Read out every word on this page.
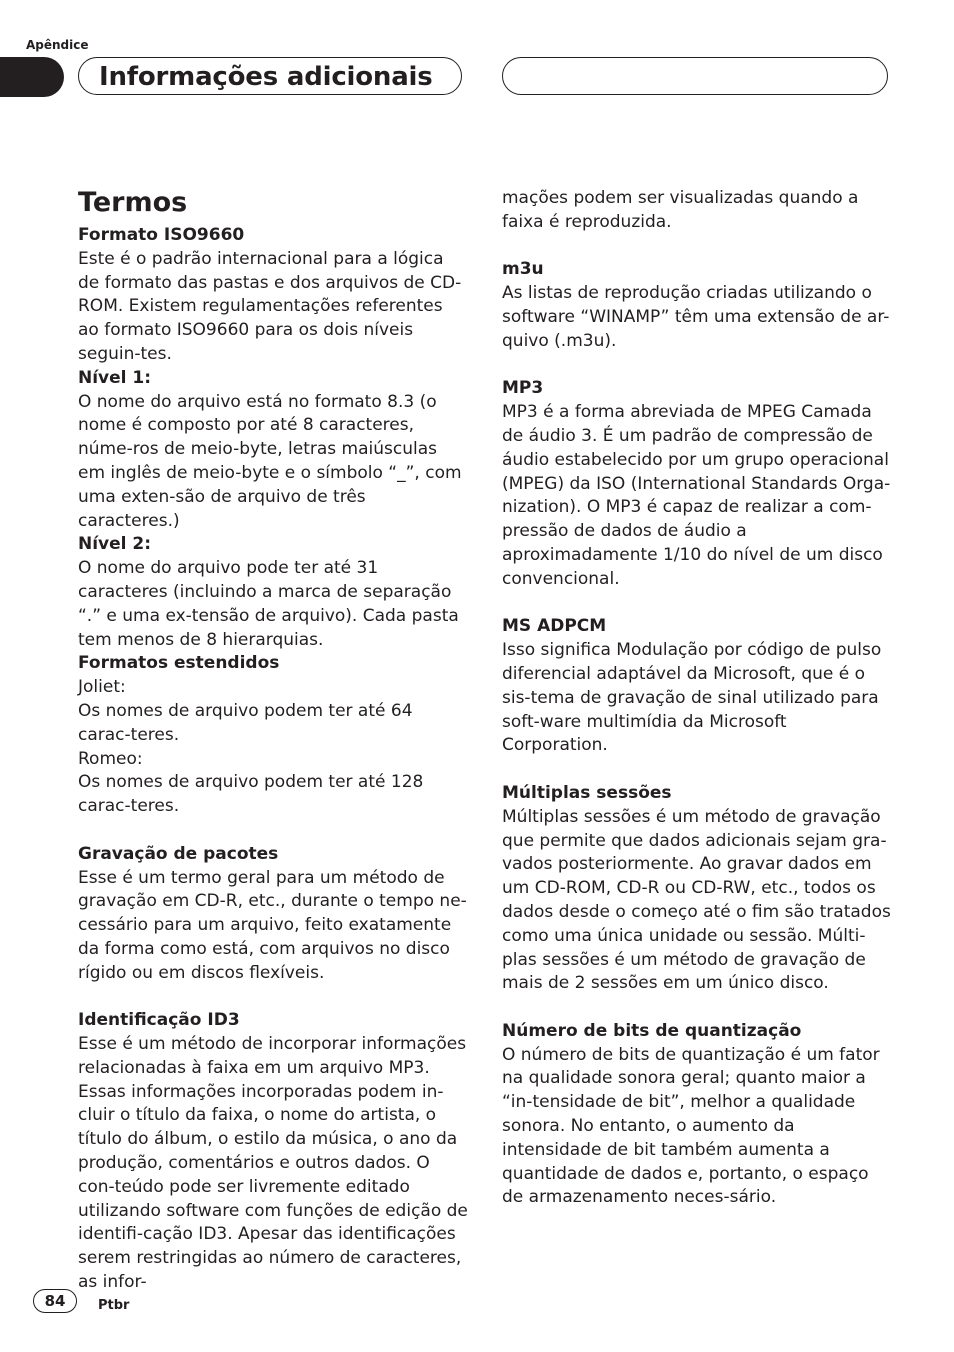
Apêndice
Informações adicionais
Termos
Formato ISO9660
Este é o padrão internacional para a lógica de formato das pastas e dos arquivos de CD-ROM. Existem regulamentações referentes ao formato ISO9660 para os dois níveis seguin-tes.
Nível 1:
O nome do arquivo está no formato 8.3 (o nome é composto por até 8 caracteres, núme-ros de meio-byte, letras maiúsculas em inglês de meio-byte e o símbolo “_”, com uma exten-são de arquivo de três caracteres.)
Nível 2:
O nome do arquivo pode ter até 31 caracteres (incluindo a marca de separação “.” e uma ex-tensão de arquivo). Cada pasta tem menos de 8 hierarquias.
Formatos estendidos
Joliet:
Os nomes de arquivo podem ter até 64 carac-teres.
Romeo:
Os nomes de arquivo podem ter até 128 carac-teres.
Gravação de pacotes
Esse é um termo geral para um método de gravação em CD-R, etc., durante o tempo ne-cessário para um arquivo, feito exatamente da forma como está, com arquivos no disco rígido ou em discos flexíveis.
Identificação ID3
Esse é um método de incorporar informações relacionadas à faixa em um arquivo MP3. Essas informações incorporadas podem in-cluir o título da faixa, o nome do artista, o título do álbum, o estilo da música, o ano da produção, comentários e outros dados. O con-teúdo pode ser livremente editado utilizando software com funções de edição de identifi-cação ID3. Apesar das identificações serem restringidas ao número de caracteres, as infor-
mações podem ser visualizadas quando a faixa é reproduzida.
m3u
As listas de reprodução criadas utilizando o software “WINAMP” têm uma extensão de ar-quivo (.m3u).
MP3
MP3 é a forma abreviada de MPEG Camada de áudio 3. É um padrão de compressão de áudio estabelecido por um grupo operacional (MPEG) da ISO (International Standards Orga-nization). O MP3 é capaz de realizar a com-pressão de dados de áudio a aproximadamente 1/10 do nível de um disco convencional.
MS ADPCM
Isso significa Modulação por código de pulso diferencial adaptável da Microsoft, que é o sis-tema de gravação de sinal utilizado para soft-ware multimídia da Microsoft Corporation.
Múltiplas sessões
Múltiplas sessões é um método de gravação que permite que dados adicionais sejam gra-vados posteriormente. Ao gravar dados em um CD-ROM, CD-R ou CD-RW, etc., todos os dados desde o começo até o fim são tratados como uma única unidade ou sessão. Múlti-plas sessões é um método de gravação de mais de 2 sessões em um único disco.
Número de bits de quantização
O número de bits de quantização é um fator na qualidade sonora geral; quanto maior a “in-tensidade de bit”, melhor a qualidade sonora. No entanto, o aumento da intensidade de bit também aumenta a quantidade de dados e, portanto, o espaço de armazenamento neces-sário.
84	Ptbr
